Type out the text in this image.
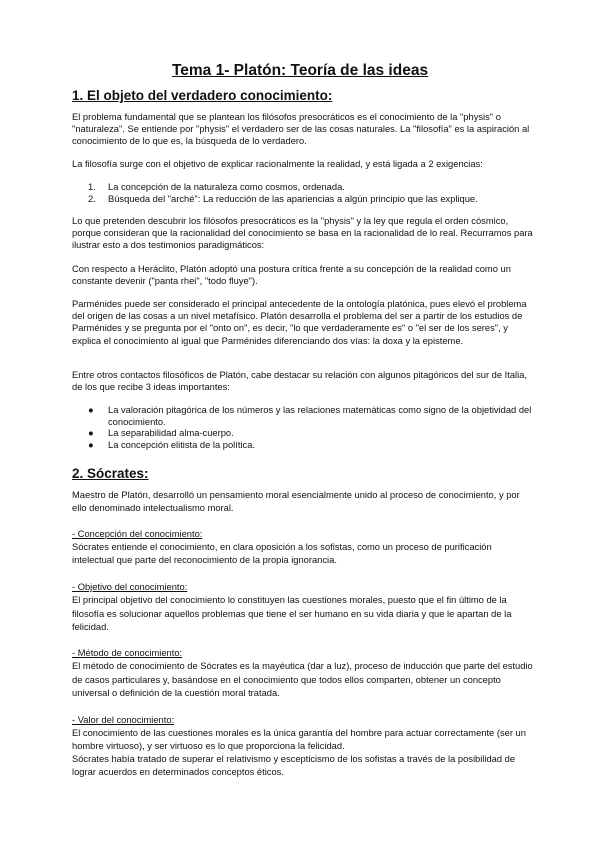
Tema 1- Platón: Teoría de las ideas
1. El objeto del verdadero conocimiento:

El problema fundamental que se plantean los filósofos presocráticos es el conocimiento de la "physis" o "naturaleza". Se entiende por "physis" el verdadero ser de las cosas naturales. La "filosofía" es la aspiración al conocimiento de lo que es, la búsqueda de lo verdadero.

La filosofía surge con el objetivo de explicar racionalmente la realidad, y está ligada a 2 exigencias:

1. La concepción de la naturaleza como cosmos, ordenada.
2. Búsqueda del "arché": La reducción de las apariencias a algún principio que las explique.

Lo que pretenden descubrir los filósofos presocráticos es la "physis" y la ley que regula el orden cósmico, porque consideran que la racionalidad del conocimiento se basa en la racionalidad de lo real. Recurramos para ilustrar esto a dos testimonios paradigmáticos:

Con respecto a Heráclito, Platón adoptó una postura crítica frente a su concepción de la realidad como un constante devenir ("panta rhei", "todo fluye").

Parménides puede ser considerado el principal antecedente de la ontología platónica, pues elevó el problema del origen de las cosas a un nivel metafísico. Platón desarrolla el problema del ser a partir de los estudios de Parménides y se pregunta por el "onto on", es decir, "lo que verdaderamente es" o "el ser de los seres", y explica el conocimiento al igual que Parménides diferenciando dos vías: la doxa y la episteme.

Entre otros contactos filosóficos de Platón, cabe destacar su relación con algunos pitagóricos del sur de Italia, de los que recibe 3 ideas importantes:

● La valoración pitagórica de los números y las relaciones matemáticas como signo de la objetividad del conocimiento.
● La separabilidad alma-cuerpo.
● La concepción elitista de la política.
2. Sócrates:

Maestro de Platón, desarrolló un pensamiento moral esencialmente unido al proceso de conocimiento, y por ello denominado intelectualismo moral.

- Concepción del conocimiento:

Sócrates entiende el conocimiento, en clara oposición a los sofistas, como un proceso de purificación intelectual que parte del reconocimiento de la propia ignorancia.

- Objetivo del conocimiento:

El principal objetivo del conocimiento lo constituyen las cuestiones morales, puesto que el fin último de la filosofía es solucionar aquellos problemas que tiene el ser humano en su vida diaria y que le apartan de la felicidad.

- Método de conocimiento:

El método de conocimiento de Sócrates es la mayéutica (dar a luz), proceso de inducción que parte del estudio de casos particulares y, basándose en el conocimiento que todos ellos comparten, obtener un concepto universal o definición de la cuestión moral tratada.

- Valor del conocimiento:

El conocimiento de las cuestiones morales es la única garantía del hombre para actuar correctamente (ser un hombre virtuoso), y ser virtuoso es lo que proporciona la felicidad.

Sócrates había tratado de superar el relativismo y escepticismo de los sofistas a través de la posibilidad de lograr acuerdos en determinados conceptos éticos.
